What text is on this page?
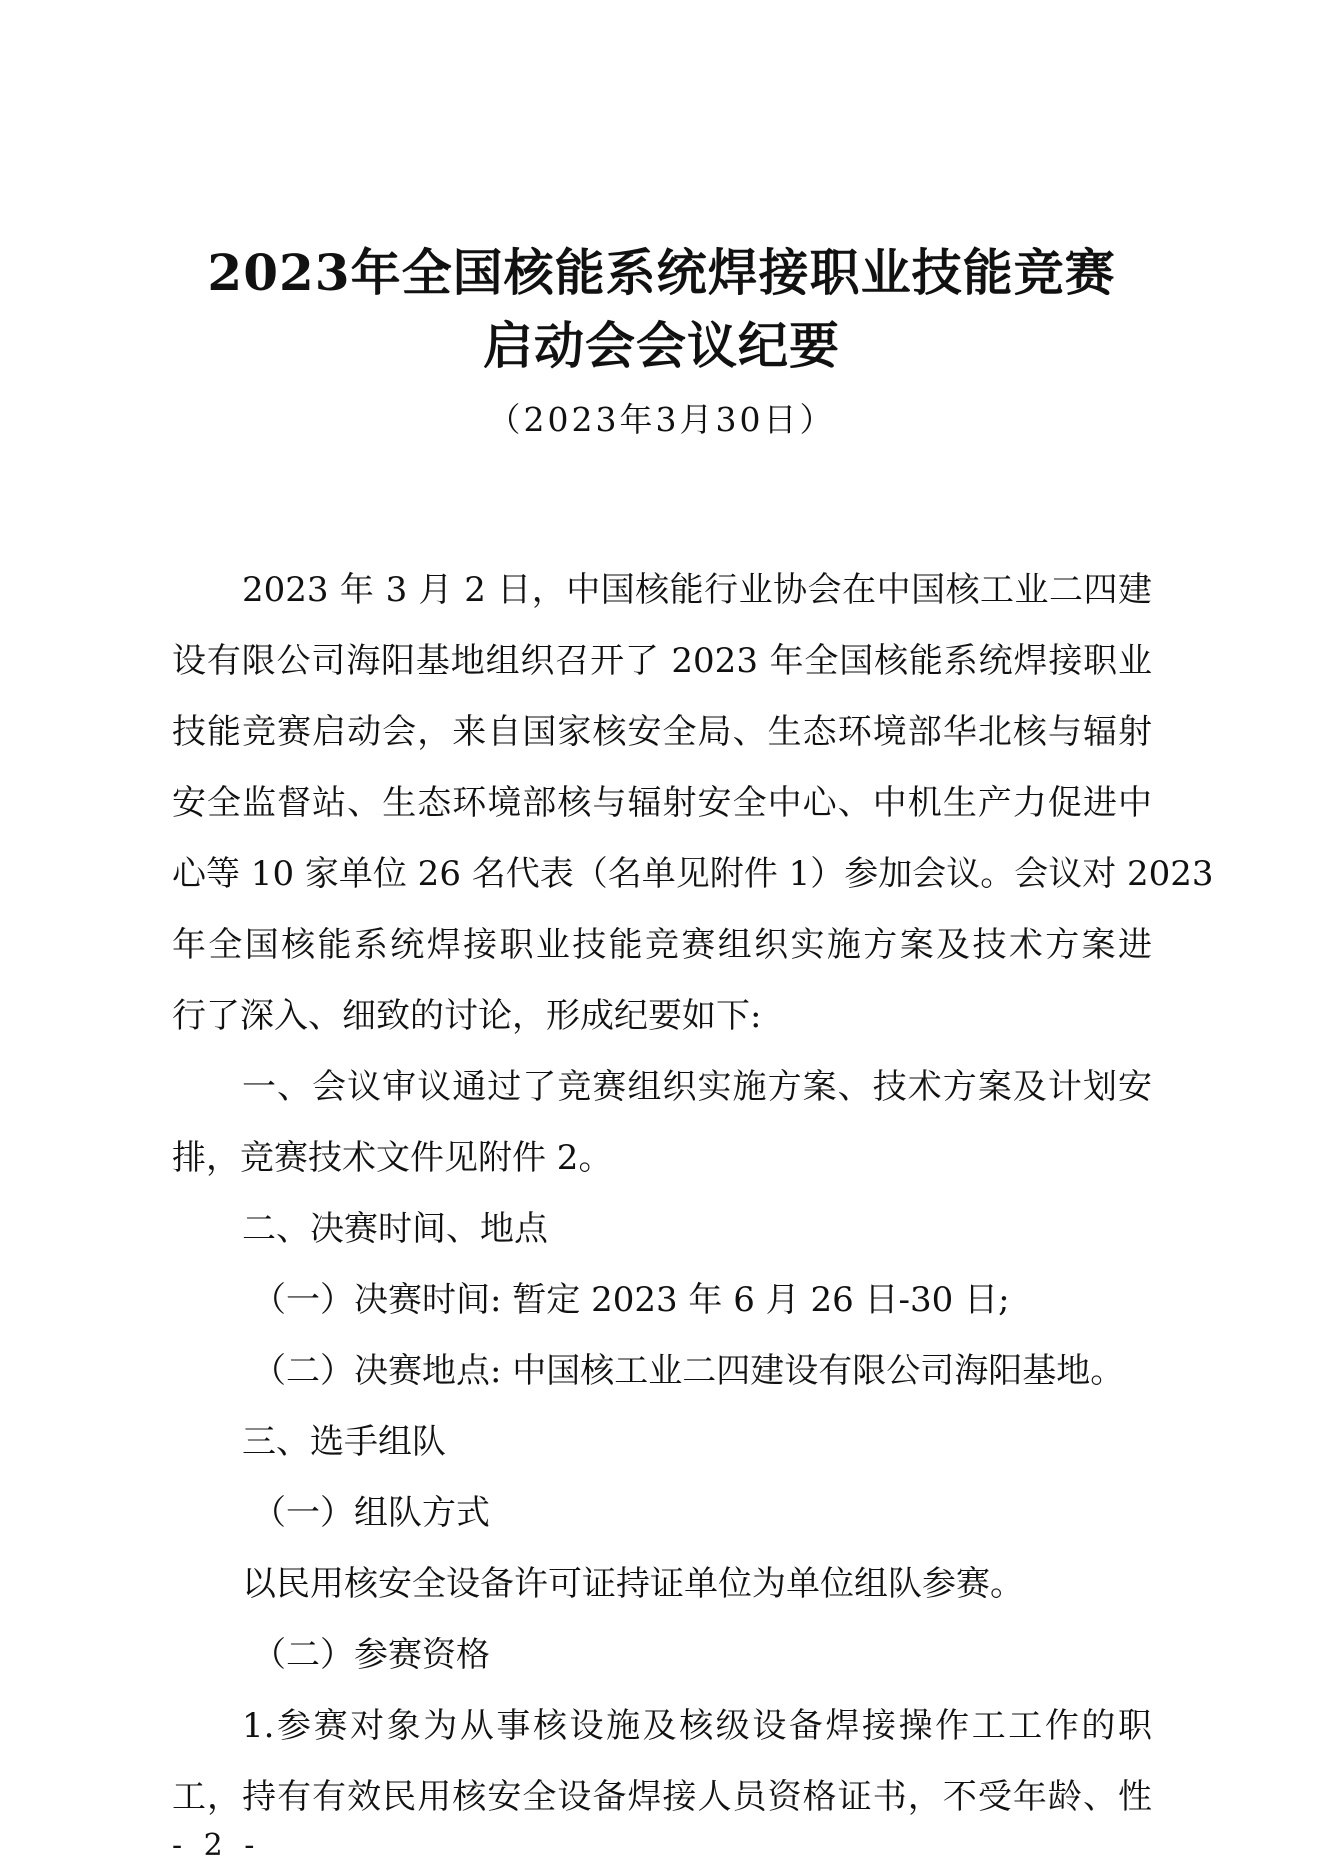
2023年全国核能系统焊接职业技能竞赛
启动会会议纪要
（2023年3月30日）
2023 年 3 月 2 日，中国核能行业协会在中国核工业二四建
设有限公司海阳基地组织召开了 2023 年全国核能系统焊接职业
技能竞赛启动会，来自国家核安全局、生态环境部华北核与辐射
安全监督站、生态环境部核与辐射安全中心、中机生产力促进中
心等 10 家单位 26 名代表（名单见附件 1）参加会议。会议对 2023
年全国核能系统焊接职业技能竞赛组织实施方案及技术方案进
行了深入、细致的讨论，形成纪要如下:
一、会议审议通过了竞赛组织实施方案、技术方案及计划安
排，竞赛技术文件见附件 2。
二、决赛时间、地点
（一）决赛时间: 暂定 2023 年 6 月 26 日-30 日;
（二）决赛地点: 中国核工业二四建设有限公司海阳基地。
三、选手组队
（一）组队方式
以民用核安全设备许可证持证单位为单位组队参赛。
（二）参赛资格
1.参赛对象为从事核设施及核级设备焊接操作工工作的职
工，持有有效民用核安全设备焊接人员资格证书，不受年龄、性
- 2 -
